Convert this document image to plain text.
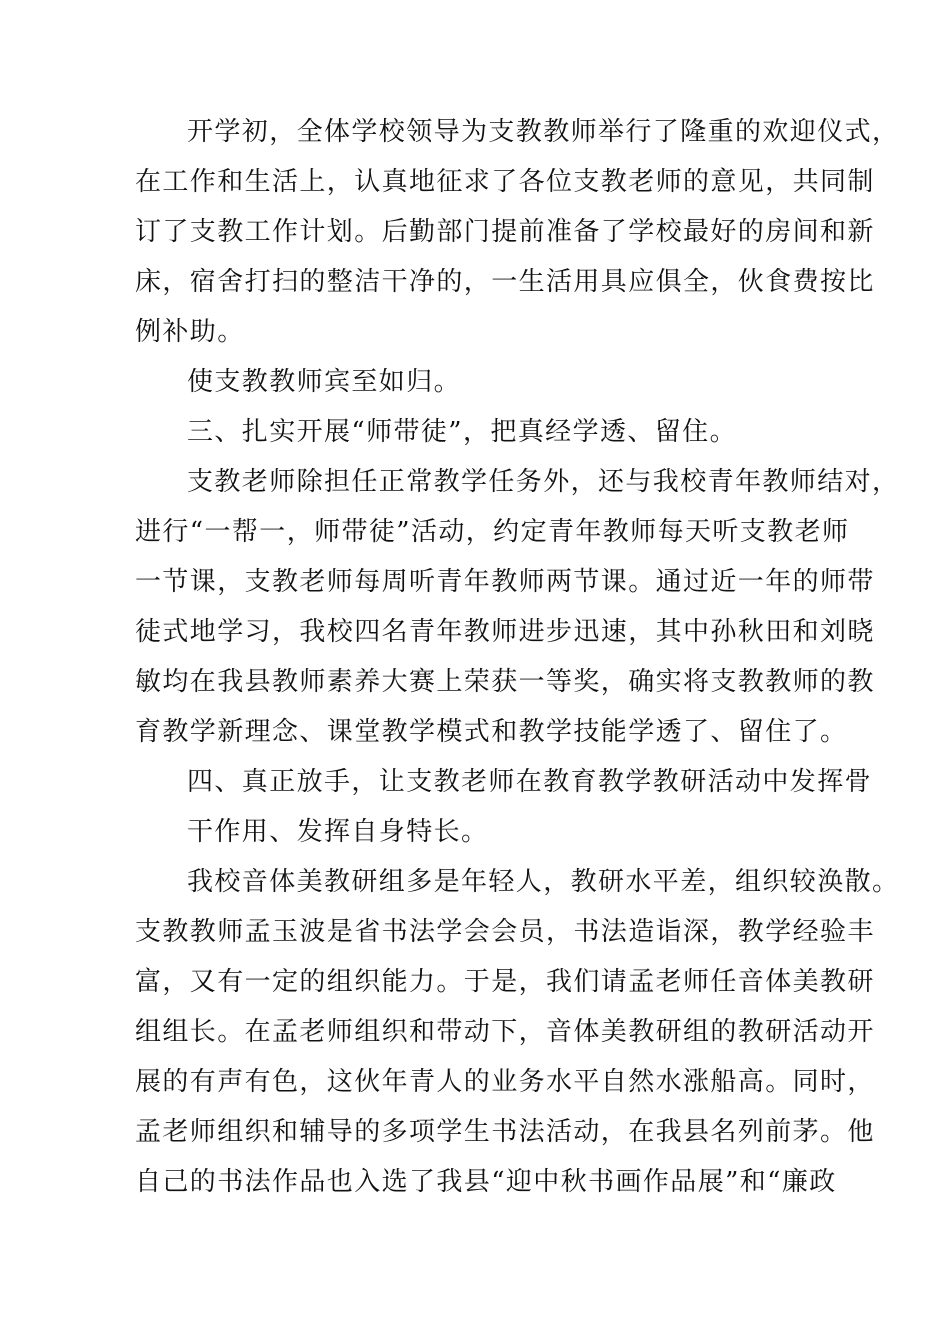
开学初，全体学校领导为支教教师举行了隆重的欢迎仪式，
在工作和生活上，认真地征求了各位支教老师的意见，共同制
订了支教工作计划。后勤部门提前准备了学校最好的房间和新
床，宿舍打扫的整洁干净的，一生活用具应俱全，伙食费按比
例补助。
使支教教师宾至如归。
三、扎实开展“师带徒”，把真经学透、留住。
支教老师除担任正常教学任务外，还与我校青年教师结对，
进行“一帮一，师带徒”活动，约定青年教师每天听支教老师
一节课，支教老师每周听青年教师两节课。通过近一年的师带
徒式地学习，我校四名青年教师进步迅速，其中孙秋田和刘晓
敏均在我县教师素养大赛上荣获一等奖，确实将支教教师的教
育教学新理念、课堂教学模式和教学技能学透了、留住了。
四、真正放手，让支教老师在教育教学教研活动中发挥骨
干作用、发挥自身特长。
我校音体美教研组多是年轻人，教研水平差，组织较涣散。
支教教师孟玉波是省书法学会会员，书法造诣深，教学经验丰
富，又有一定的组织能力。于是，我们请孟老师任音体美教研
组组长。在孟老师组织和带动下，音体美教研组的教研活动开
展的有声有色，这伙年青人的业务水平自然水涨船高。同时，
孟老师组织和辅导的多项学生书法活动，在我县名列前茅。他
自己的书法作品也入选了我县“迎中秋书画作品展”和“廉政
